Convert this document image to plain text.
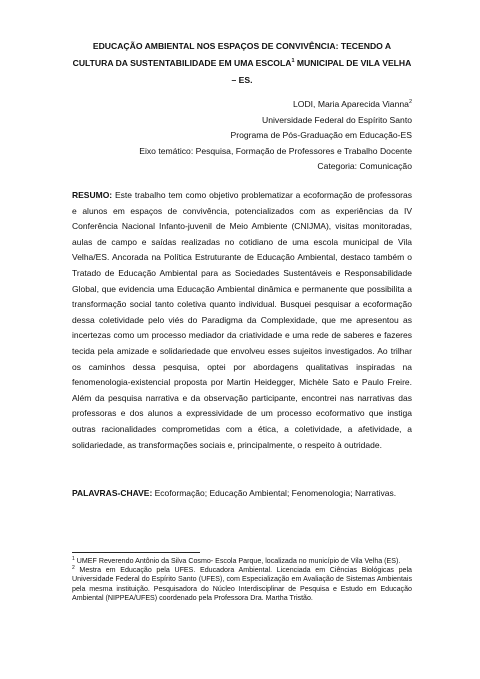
EDUCAÇÃO AMBIENTAL NOS ESPAÇOS DE CONVIVÊNCIA: TECENDO A CULTURA DA SUSTENTABILIDADE EM UMA ESCOLA$^1$ MUNICIPAL DE VILA VELHA – ES.
LODI, Maria Aparecida Vianna$^2$
Universidade Federal do Espírito Santo
Programa de Pós-Graduação em Educação-ES
Eixo temático: Pesquisa, Formação de Professores e Trabalho Docente
Categoria: Comunicação
RESUMO: Este trabalho tem como objetivo problematizar a ecoformação de professoras e alunos em espaços de convivência, potencializados com as experiências da IV Conferência Nacional Infanto-juvenil de Meio Ambiente (CNIJMA), visitas monitoradas, aulas de campo e saídas realizadas no cotidiano de uma escola municipal de Vila Velha/ES. Ancorada na Política Estruturante de Educação Ambiental, destaco também o Tratado de Educação Ambiental para as Sociedades Sustentáveis e Responsabilidade Global, que evidencia uma Educação Ambiental dinâmica e permanente que possibilita a transformação social tanto coletiva quanto individual. Busquei pesquisar a ecoformação dessa coletividade pelo viés do Paradigma da Complexidade, que me apresentou as incertezas como um processo mediador da criatividade e uma rede de saberes e fazeres tecida pela amizade e solidariedade que envolveu esses sujeitos investigados. Ao trilhar os caminhos dessa pesquisa, optei por abordagens qualitativas inspiradas na fenomenologia-existencial proposta por Martin Heidegger, Michèle Sato e Paulo Freire. Além da pesquisa narrativa e da observação participante, encontrei nas narrativas das professoras e dos alunos a expressividade de um processo ecoformativo que instiga outras racionalidades comprometidas com a ética, a coletividade, a afetividade, a solidariedade, as transformações sociais e, principalmente, o respeito à outridade.
PALAVRAS-CHAVE: Ecoformação; Educação Ambiental; Fenomenologia; Narrativas.

$^1$ UMEF Reverendo Antônio da Silva Cosmo- Escola Parque, localizada no município de Vila Velha (ES).

$^2$ Mestra em Educação pela UFES. Educadora Ambiental. Licenciada em Ciências Biológicas pela Universidade Federal do Espírito Santo (UFES), com Especialização em Avaliação de Sistemas Ambientais pela mesma instituição. Pesquisadora do Núcleo Interdisciplinar de Pesquisa e Estudo em Educação Ambiental (NIPPEA/UFES) coordenado pela Professora Dra. Martha Tristão.
